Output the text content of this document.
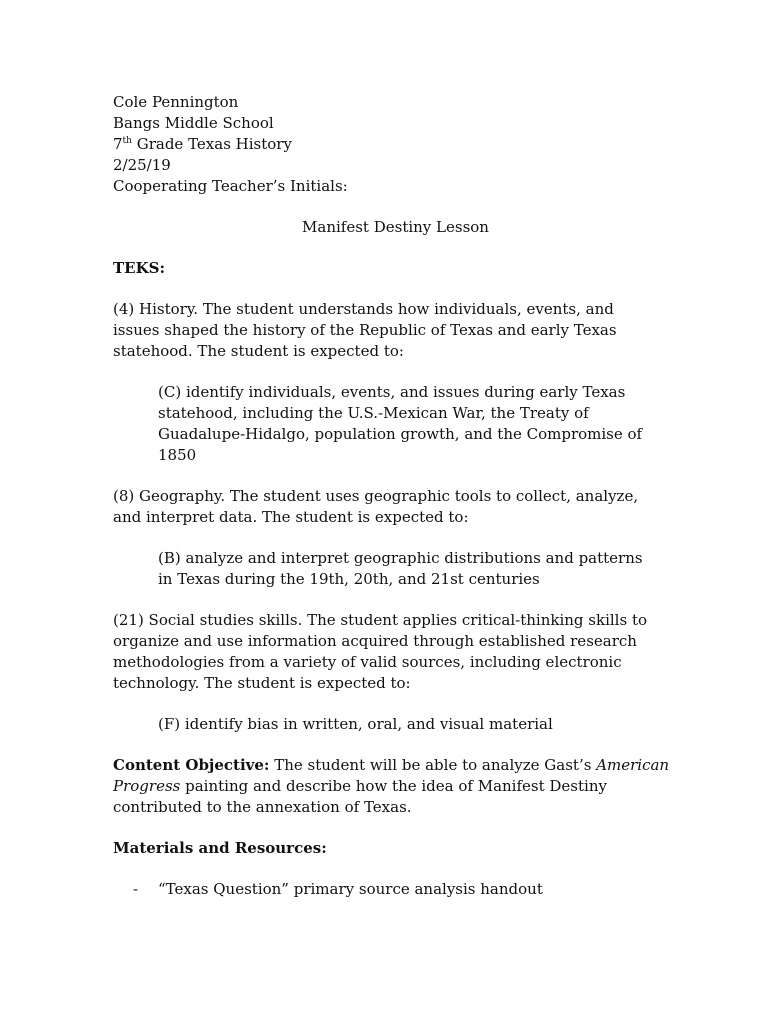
Cole Pennington
Bangs Middle School
7th Grade Texas History
2/25/19
Cooperating Teacher’s Initials:
Manifest Destiny Lesson
TEKS:
(4) History. The student understands how individuals, events, and
issues shaped the history of the Republic of Texas and early Texas
statehood. The student is expected to:
(C) identify individuals, events, and issues during early Texas
statehood, including the U.S.-Mexican War, the Treaty of
Guadalupe-Hidalgo, population growth, and the Compromise of
1850
(8) Geography. The student uses geographic tools to collect, analyze,
and interpret data. The student is expected to:
(B) analyze and interpret geographic distributions and patterns
in Texas during the 19th, 20th, and 21st centuries
(21) Social studies skills. The student applies critical-thinking skills to
organize and use information acquired through established research
methodologies from a variety of valid sources, including electronic
technology. The student is expected to:
(F) identify bias in written, oral, and visual material
Content Objective: The student will be able to analyze Gast’s American
Progress painting and describe how the idea of Manifest Destiny
contributed to the annexation of Texas.
Materials and Resources:
-	“Texas Question” primary source analysis handout
